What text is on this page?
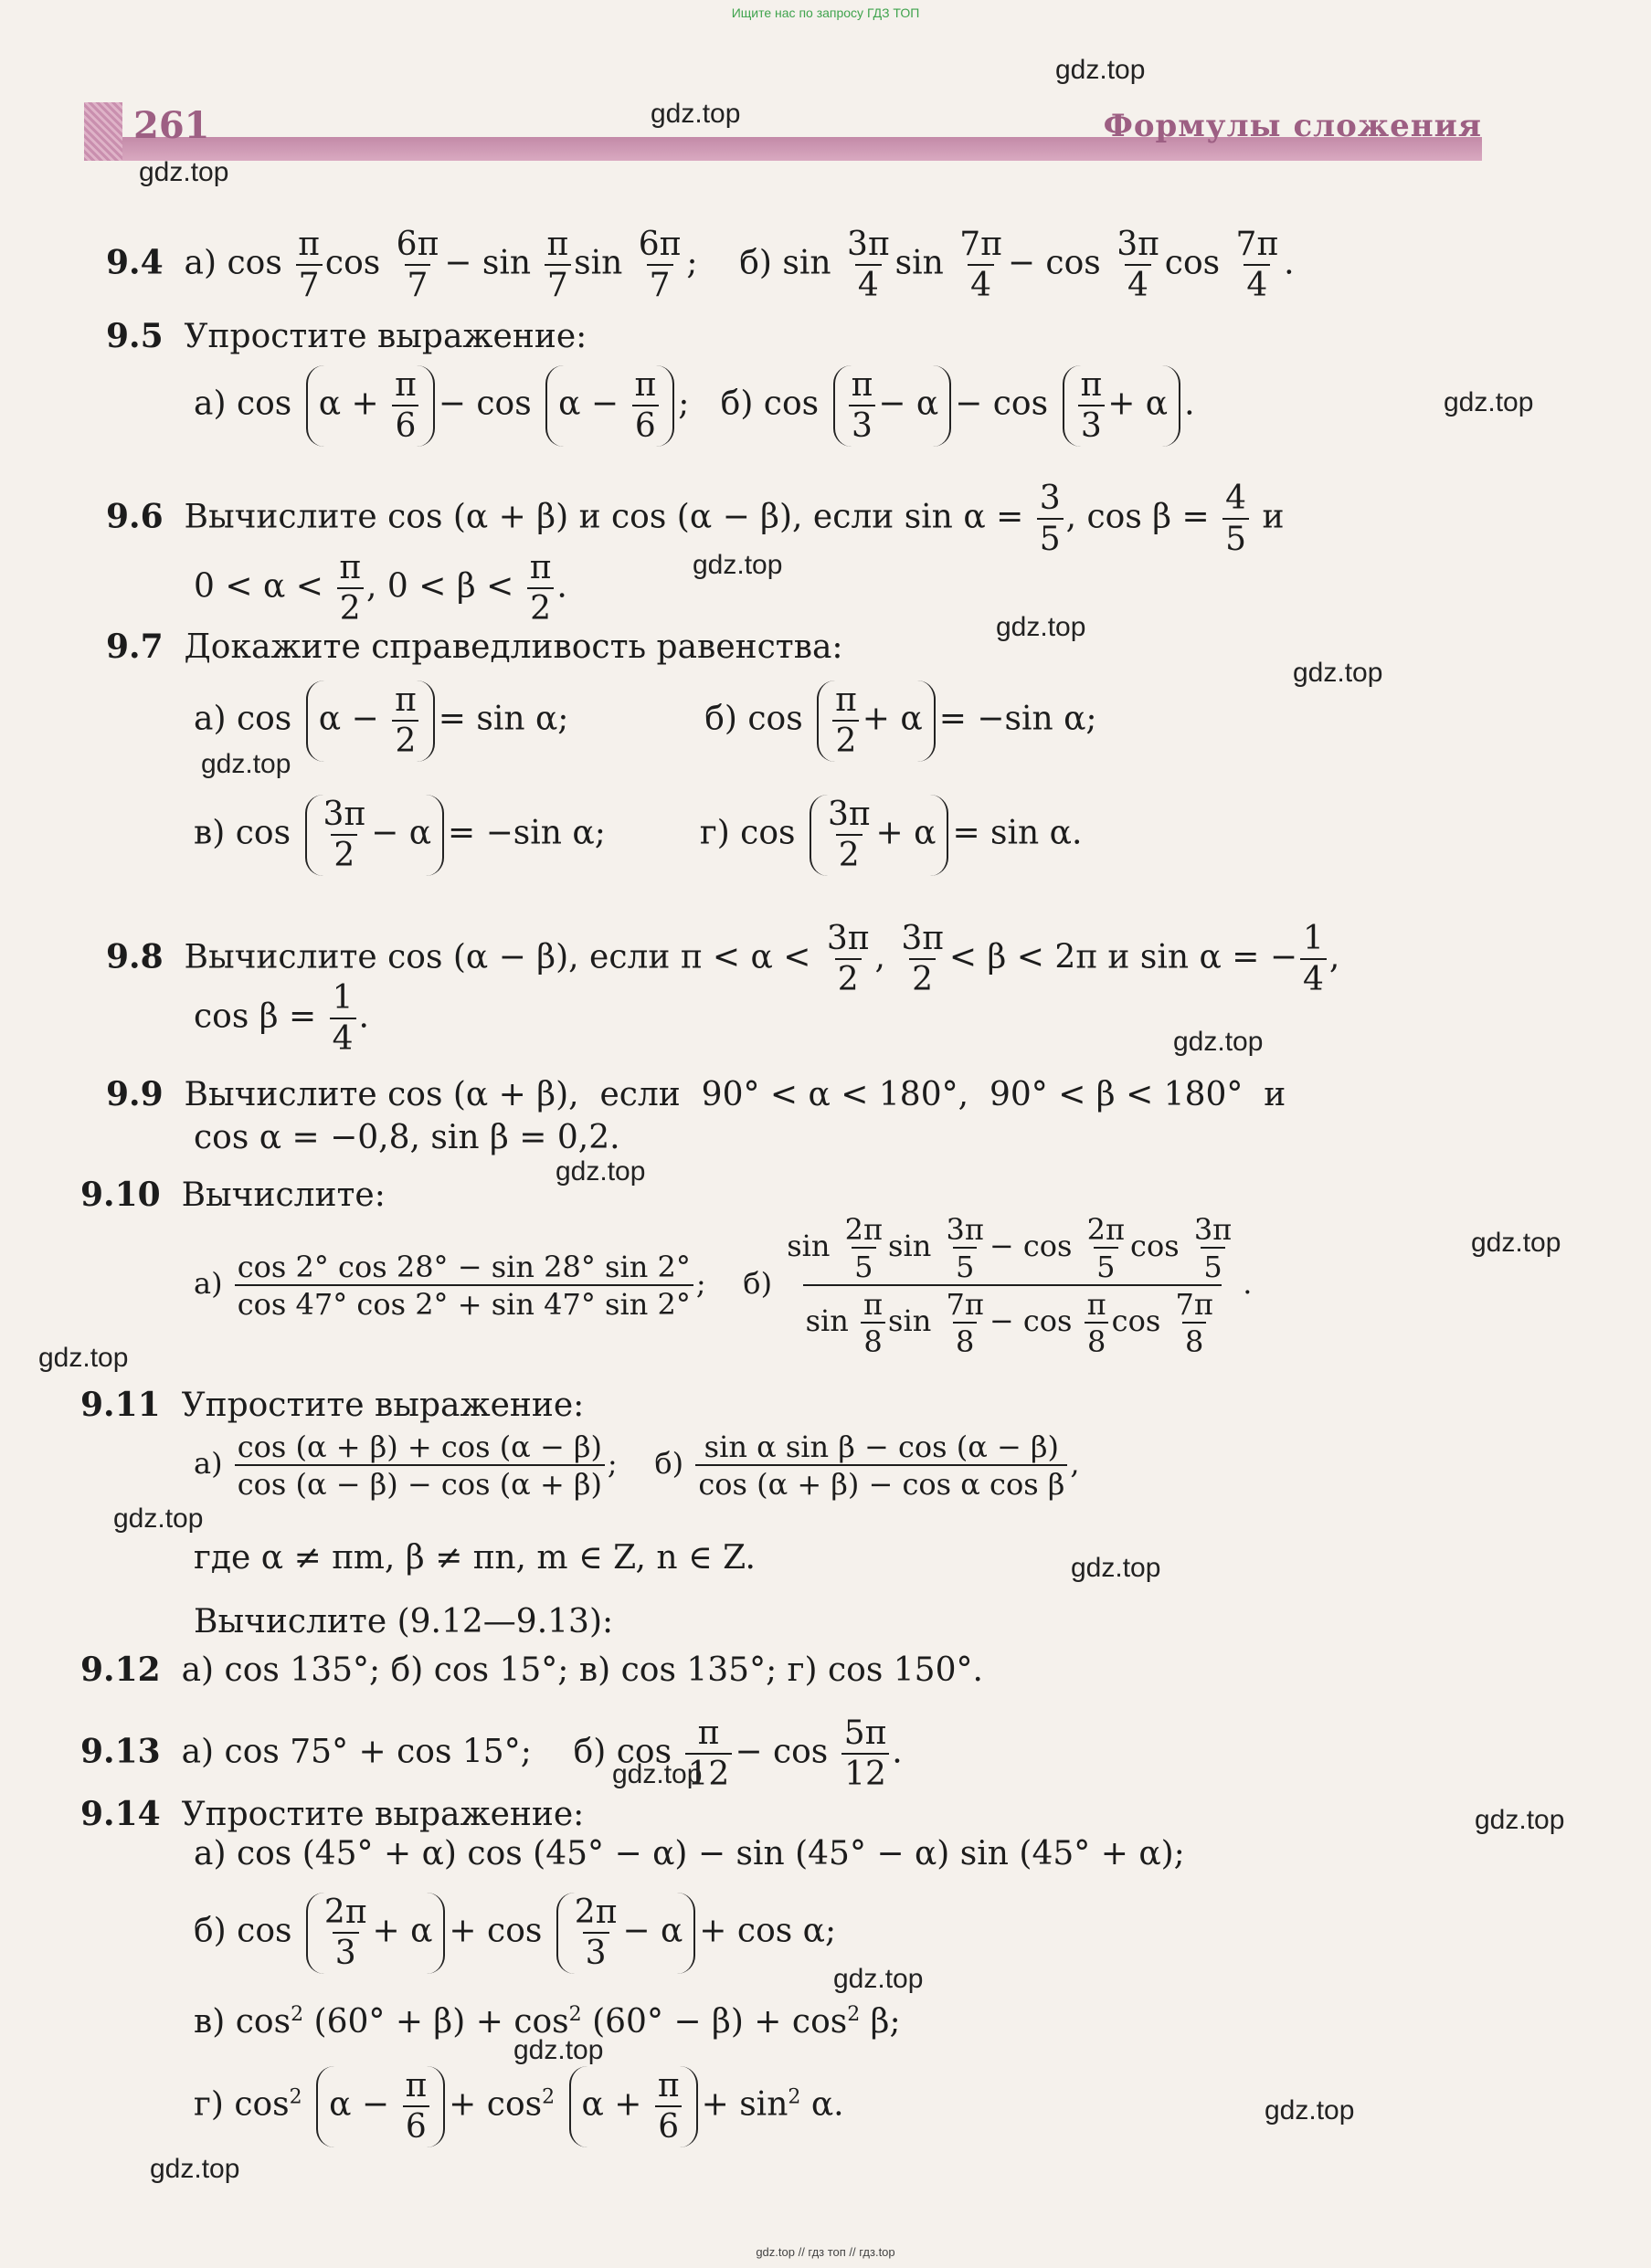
Ищите нас по запросу ГДЗ ТОП
261	Формулы сложения
9.4  а) $\cos \frac{\pi}{7}$ $\cos \frac{6\pi}{7} - \sin \frac{\pi}{7}$ $\sin \frac{6\pi}{7}$ ;    б) $\sin \frac{3\pi}{4}$ $\sin \frac{7\pi}{4} - \cos \frac{3\pi}{4}$ $\cos \frac{7\pi}{4}$ .
9.5 Упростите выражение:
а) $\cos \alpha + \frac{\pi}{6} - \cos \alpha - \frac{\pi}{6}$ ;   б) $\cos \frac{\pi}{3} - \alpha - \cos \frac{\pi}{3} + \alpha$ .
9.6  Вычислите cos (α + β) и cos (α − β), если $\sin \alpha = \frac{3}{5}$ , $\cos \beta = \frac{4}{5}$ и
$0 < \alpha < \frac{\pi}{2}$ , $0 < \beta < \frac{\pi}{2}$ .
9.7 Докажите справедливость равенства:
а) $\cos \alpha - \frac{\pi}{2} = \sin \alpha$;             б) $\cos \frac{\pi}{2} + \alpha = -\sin$ α;
в) $\cos \frac{3\pi}{2} - \alpha = -\sin$ α;         г) $\cos \frac{3\pi}{2} + \alpha = \sin \alpha$.
9.8  Вычислите cos (α − β), если $\pi < \alpha < \frac{3\pi}{2}$ , $\frac{3\pi}{2} < \beta < 2\pi$ и sin α = − $\frac{1}{4}$ ,
$\cos \beta = \frac{1}{4}$ .
9.9  Вычислите cos (α + β),  если  90° < α < 180°,  90° < β < 180°  и
cos α = −0,8, sin β = 0,2.
9.10 Вычислите:
$а) \frac{\cos 2^\circ \cos 28^\circ - \sin 28^\circ \sin 2^\circ}{\cos 47^\circ \cos 2^\circ + \sin 47^\circ \sin 2^\circ}$ ;    $б) \frac{\sin \frac{2\pi}{5} \sin \frac{3\pi}{5} - \cos \frac{2\pi}{5} \cos \frac{3\pi}{5}}{\sin \frac{\pi}{8} \sin \frac{7\pi}{8} - \cos \frac{\pi}{8} \cos \frac{7\pi}{8}}$ .
9.11 Упростите выражение:
$а) \frac{\cos (\alpha + \beta) + \cos (\alpha - \beta)}{\cos (\alpha - \beta) - \cos (\alpha + \beta)}$ ;    $б) \frac{\text{sin α sin β − cos (α − β)}}{\text{cos (α + β) − cos α cos β}}$ ,
где α ≠ πm, β ≠ πn, m ∈ Z, n ∈ Z.
Вычислите (9.12—9.13):
9.12 а) cos 135°; б) cos 15°; в) cos 135°; г) cos 150°.
9.13  а) cos 75° + cos 15°;    б) $\cos \frac{\pi}{12} - \cos \frac{5\pi}{12}$ .
9.14 Упростите выражение:
а) cos (45° + α) cos (45° − α) − sin (45° − α) sin (45° + α);
б) $\cos \frac{2\pi}{3} + \alpha + \cos \frac{2\pi}{3} - \alpha + \cos \alpha$;
в) $\cos^2 (60^\circ + \beta) + \cos^2 (60^\circ - \beta) + \cos^2 \beta$;
г) $\cos^2 \alpha - \frac{\pi}{6} + \cos^2 \alpha + \frac{\pi}{6} + \sin^2 \alpha$.
gdz.top
gdz.top
gdz.top
gdz.top
gdz.top
gdz.top
gdz.top
gdz.top
gdz.top
gdz.top
gdz.top
gdz.top
gdz.top
gdz.top
gdz.top
gdz.top
gdz.top
gdz.top
gdz.top
gdz.top
gdz.top // гдз топ // гдз.top
